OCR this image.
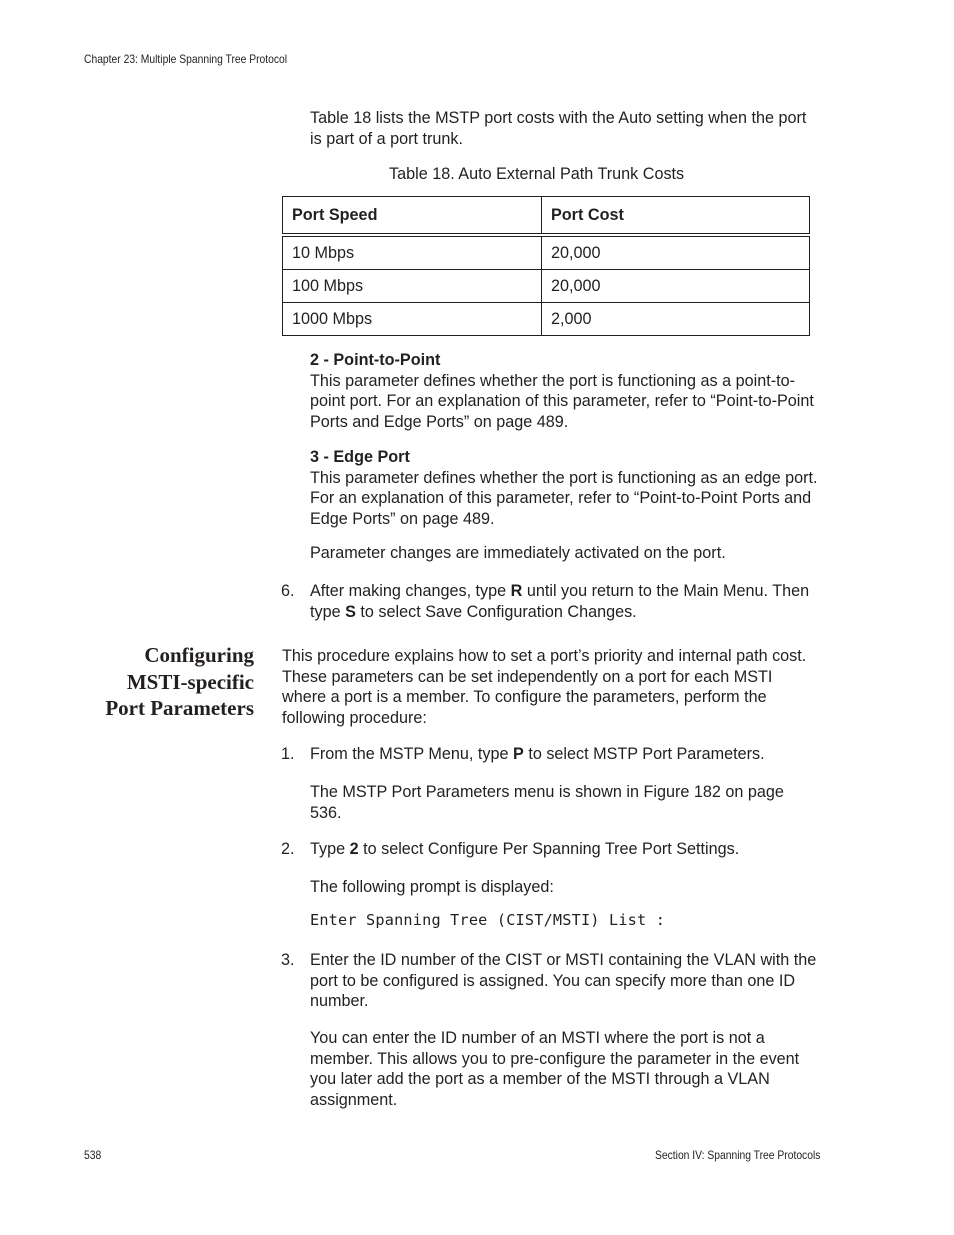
Chapter 23: Multiple Spanning Tree Protocol
Table 18 lists the MSTP port costs with the Auto setting when the port
is part of a port trunk.
Table 18. Auto External Path Trunk Costs
Port Speed	Port Cost
10 Mbps	20,000
100 Mbps	20,000
1000 Mbps	2,000
2 - Point-to-Point
This parameter defines whether the port is functioning as a point-to-
point port. For an explanation of this parameter, refer to “Point-to-Point
Ports and Edge Ports” on page 489.
3 - Edge Port
This parameter defines whether the port is functioning as an edge port.
For an explanation of this parameter, refer to “Point-to-Point Ports and
Edge Ports” on page 489.
Parameter changes are immediately activated on the port.
6. After making changes, type R until you return to the Main Menu. Then
type S to select Save Configuration Changes.
Configuring
MSTI-specific
Port Parameters
This procedure explains how to set a port’s priority and internal path cost.
These parameters can be set independently on a port for each MSTI
where a port is a member. To configure the parameters, perform the
following procedure:
1. From the MSTP Menu, type P to select MSTP Port Parameters.
The MSTP Port Parameters menu is shown in Figure 182 on page
536.
2. Type 2 to select Configure Per Spanning Tree Port Settings.
The following prompt is displayed:
Enter Spanning Tree (CIST/MSTI) List :
3. Enter the ID number of the CIST or MSTI containing the VLAN with the
port to be configured is assigned. You can specify more than one ID
number.
You can enter the ID number of an MSTI where the port is not a
member. This allows you to pre-configure the parameter in the event
you later add the port as a member of the MSTI through a VLAN
assignment.
538	Section IV: Spanning Tree Protocols
